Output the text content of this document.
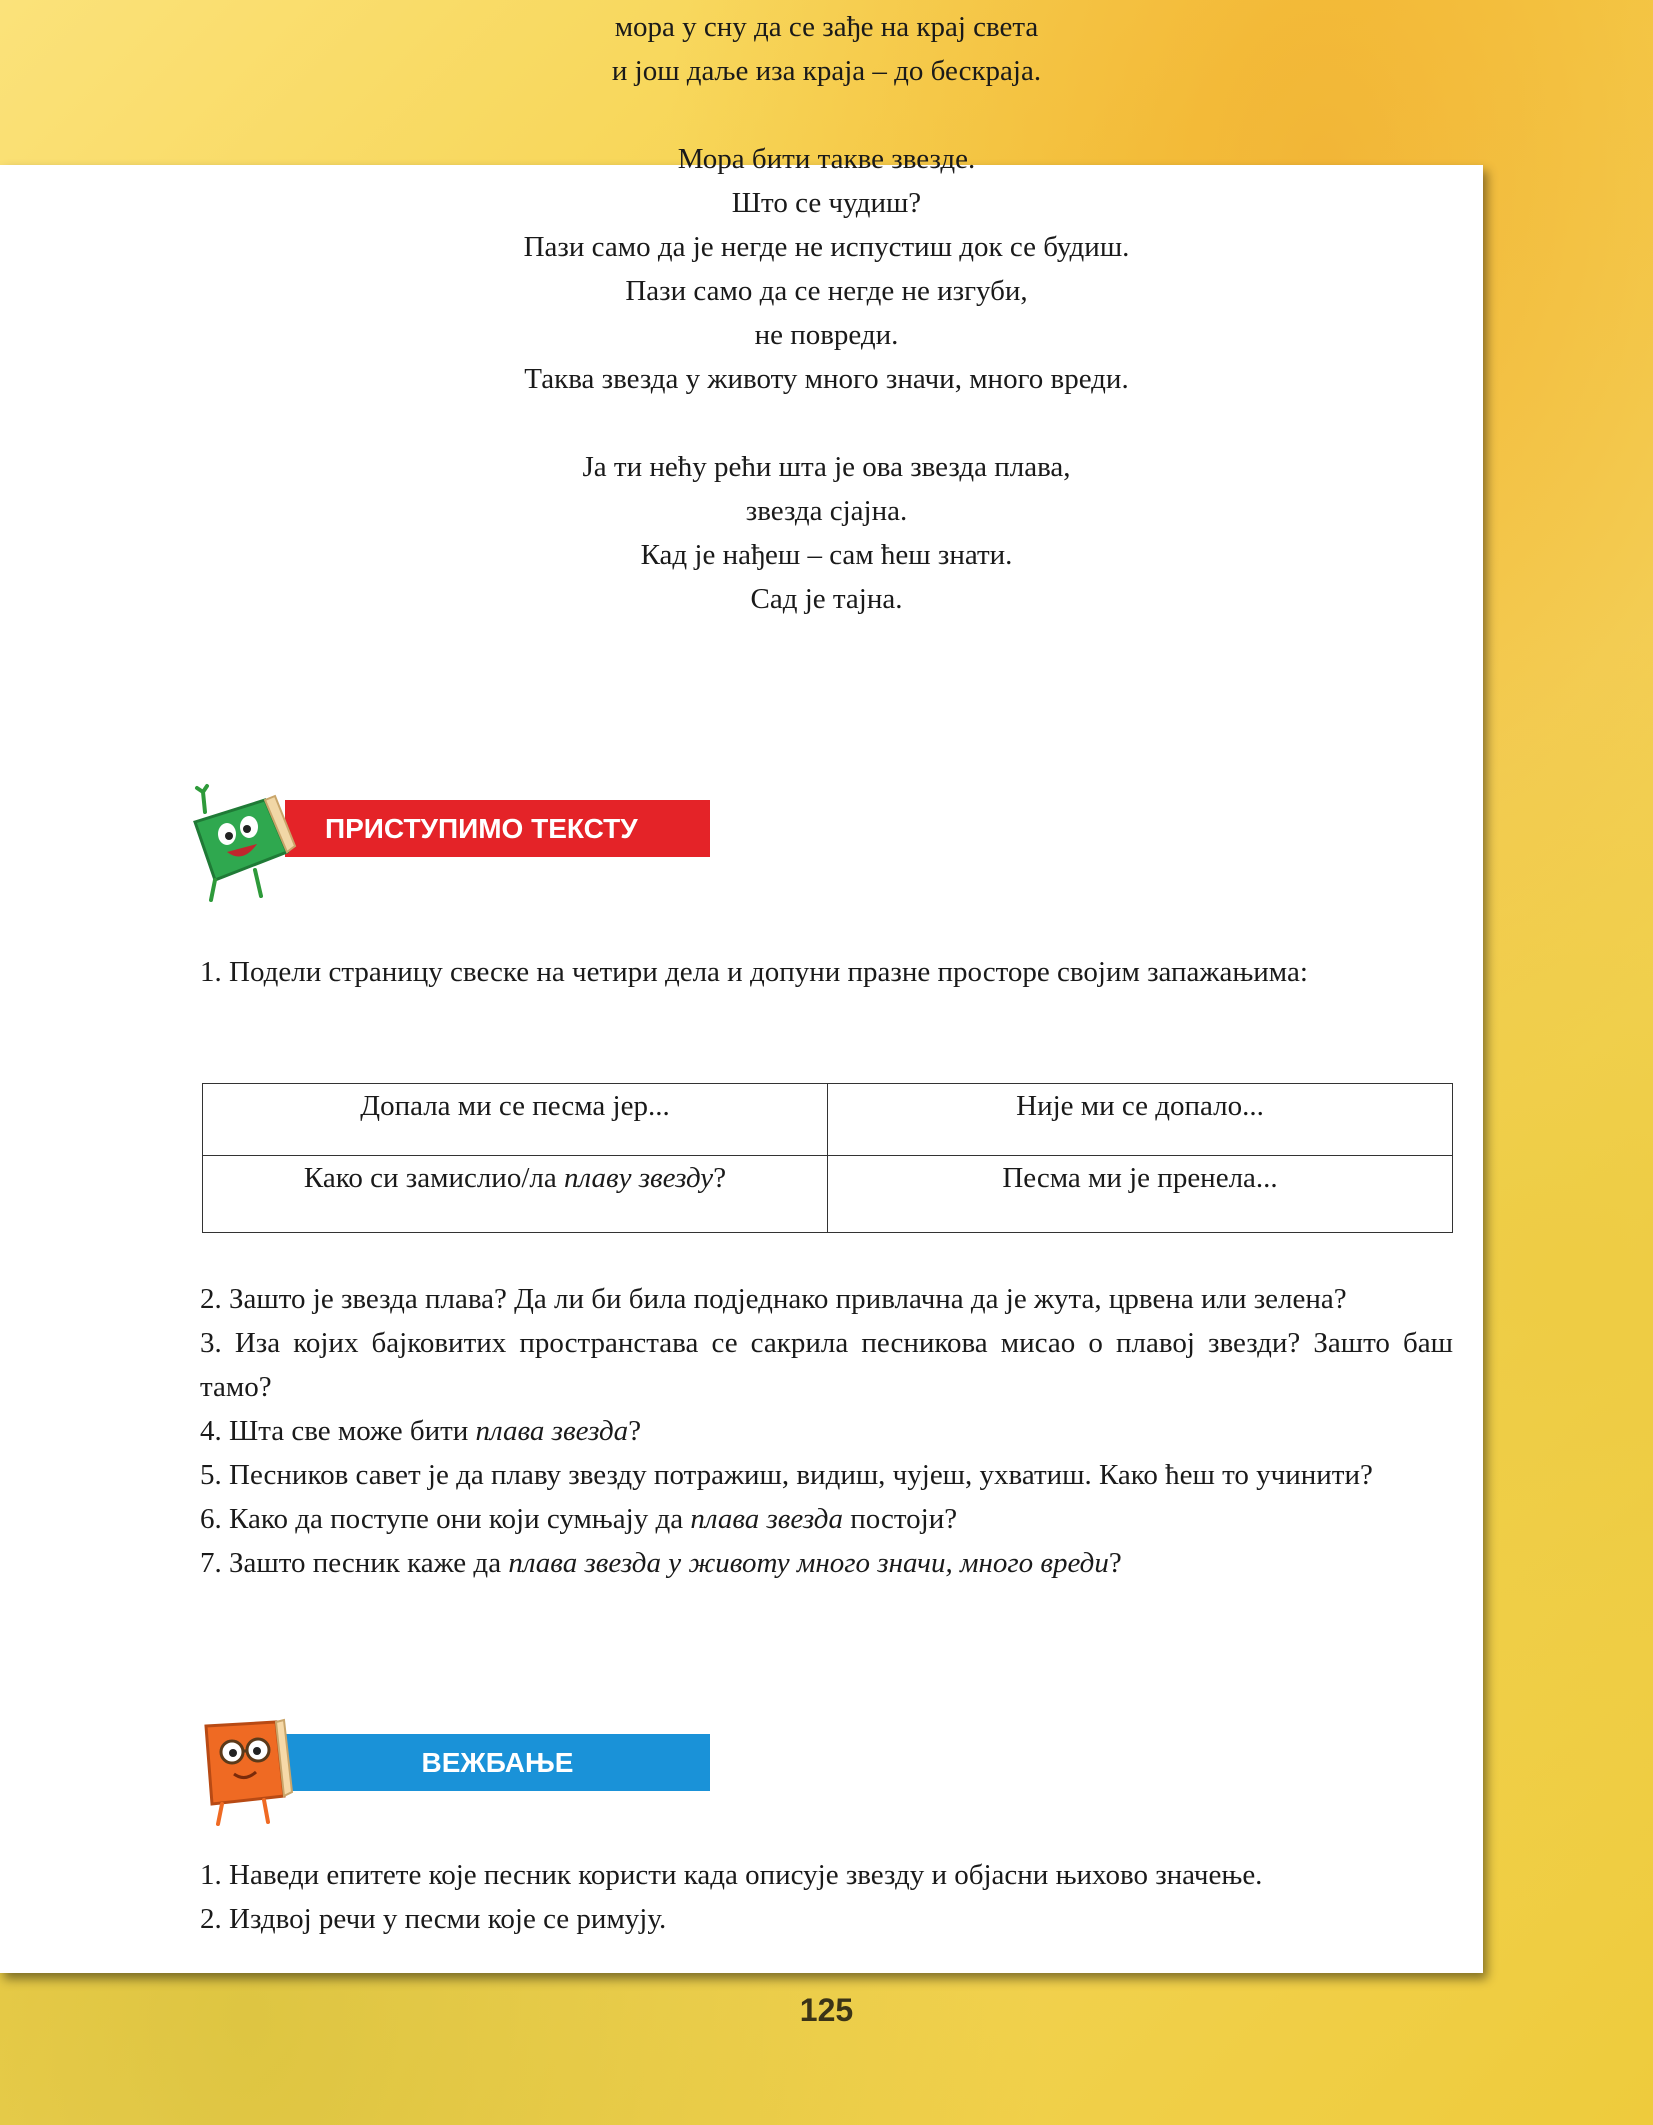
мора у сну да се зађе на крај света
и још даље иза краја – до бескраја.
Мора бити такве звезде.
Што се чудиш?
Пази само да је негде не испустиш док се будиш.
Пази само да се негде не изгуби,
не повреди.
Таква звезда у животу много значи, много вреди.
Ја ти нећу рећи шта је ова звезда плава,
звезда сјајна.
Кад је нађеш – сам ћеш знати.
Сад је тајна.
ПРИСТУПИМО ТЕКСТУ
1. Подели страницу свеске на четири дела и допуни празне просторе својим запажањима:
Допала ми се песма јер...	Није ми се допало...
Како си замислио/ла плаву звезду?	Песма ми је пренела...

2. Зашто је звезда плава? Да ли би била подједнако привлачна да је жута, црвена или зелена?

3. Иза којих бајковитих пространстава се сакрила песникова мисао о плавој звезди? Зашто баш тамо?

4. Шта све може бити плава звезда?

5. Песников савет је да плаву звезду потражиш, видиш, чујеш, ухватиш. Како ћеш то учинити?

6. Како да поступе они који сумњају да плава звезда постоји?

7. Зашто песник каже да плава звезда у животу много значи, много вреди?

ВЕЖБАЊЕ

1. Наведи епитете које песник користи када описује звезду и објасни њихово значење.

2. Издвој речи у песми које се римују.

125
